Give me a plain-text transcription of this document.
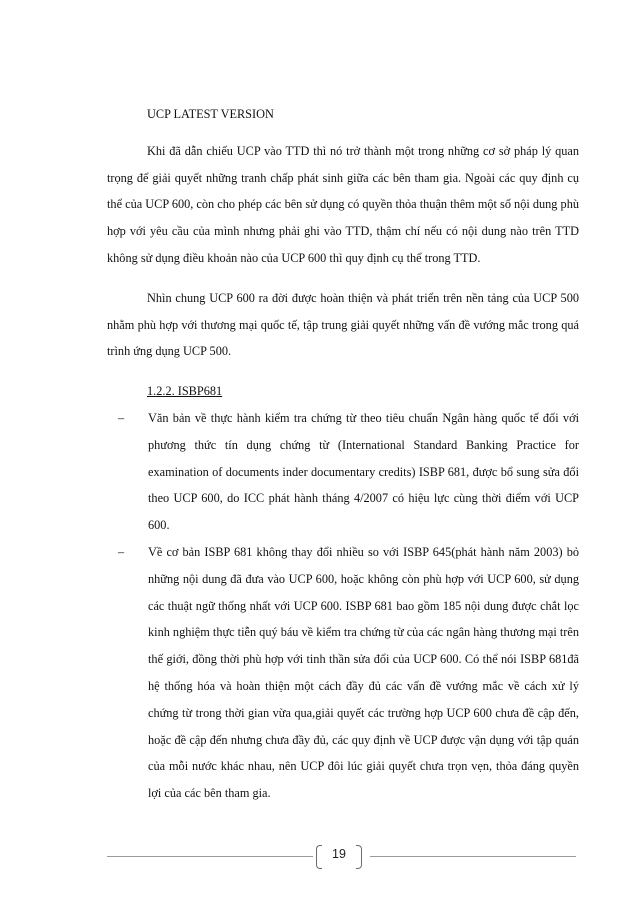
UCP LATEST VERSION

Khi đã dẫn chiếu UCP vào TTD thì nó trở thành một trong những cơ sở pháp lý quan trọng để giải quyết những tranh chấp phát sinh giữa các bên tham gia. Ngoài các quy định cụ thể của UCP 600, còn cho phép các bên sử dụng có quyền thỏa thuận thêm một số nội dung phù hợp với yêu cầu của mình nhưng phải ghi vào TTD, thậm chí nếu có nội dung nào trên TTD không sử dụng điều khoản nào của UCP 600 thì quy định cụ thể trong TTD.

Nhìn chung UCP 600 ra đời được hoàn thiện và phát triển trên nền tảng của UCP 500 nhằm phù hợp với thương mại quốc tế, tập trung giải quyết những vấn đề vướng mắc trong quá trình ứng dụng UCP 500.

1.2.2. ISBP681

– Văn bản về thực hành kiểm tra chứng từ theo tiêu chuẩn Ngân hàng quốc tế đối với phương thức tín dụng chứng từ (International Standard Banking Practice for examination of documents inder documentary credits) ISBP 681, được bổ sung sửa đổi theo UCP 600, do ICC phát hành tháng 4/2007 có hiệu lực cùng thời điểm với UCP 600.
– Về cơ bản ISBP 681 không thay đổi nhiều so với ISBP 645(phát hành năm 2003) bỏ những nội dung đã đưa vào UCP 600, hoặc không còn phù hợp với UCP 600, sử dụng các thuật ngữ thống nhất với UCP 600. ISBP 681 bao gồm 185 nội dung được chắt lọc kinh nghiệm thực tiễn quý báu về kiểm tra chứng từ của các ngân hàng thương mại trên thế giới, đồng thời phù hợp với tinh thần sửa đổi của UCP 600. Có thể nói ISBP 681đã hệ thống hóa và hoàn thiện một cách đầy đủ các vấn đề vướng mắc về cách xử lý chứng từ trong thời gian vừa qua,giải quyết các trường hợp UCP 600 chưa đề cập đến, hoặc đề cập đến nhưng chưa đầy đủ, các quy định về UCP được vận dụng với tập quán của mỗi nước khác nhau, nên UCP đôi lúc giải quyết chưa trọn vẹn, thỏa đáng quyền lợi của các bên tham gia.
19
